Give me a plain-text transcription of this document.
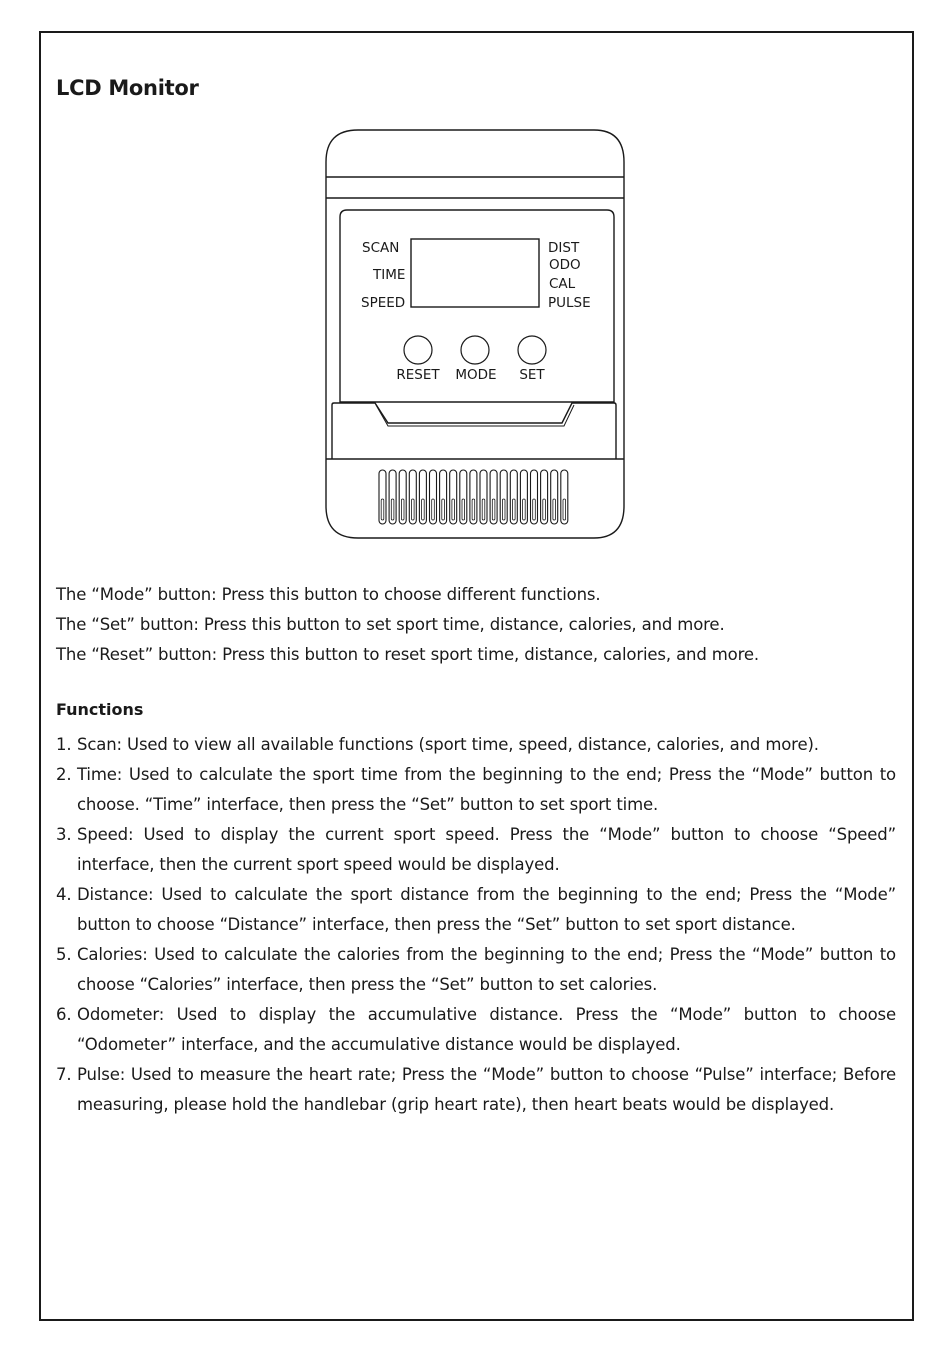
LCD Monitor
SCAN
TIME
SPEED
DIST
ODO
CAL
PULSE
RESET MODE SET

The “Mode” button: Press this button to choose different functions.

The “Set” button: Press this button to set sport time, distance, calories, and more.

The “Reset” button: Press this button to reset sport time, distance, calories, and more.

Functions
1. Scan: Used to view all available functions (sport time, speed, distance, calories, and more).
2. Time: Used to calculate the sport time from the beginning to the end; Press the “Mode” button to choose. “Time” interface, then press the “Set” button to set sport time.
3. Speed: Used to display the current sport speed. Press the “Mode” button to choose “Speed” interface, then the current sport speed would be displayed.
4. Distance: Used to calculate the sport distance from the beginning to the end; Press the “Mode” button to choose “Distance” interface, then press the “Set” button to set sport distance.
5. Calories: Used to calculate the calories from the beginning to the end; Press the “Mode” button to choose “Calories” interface, then press the “Set” button to set calories.
6. Odometer: Used to display the accumulative distance. Press the “Mode” button to choose “Odometer” interface, and the accumulative distance would be displayed.
7. Pulse: Used to measure the heart rate; Press the “Mode” button to choose “Pulse” interface; Before measuring, please hold the handlebar (grip heart rate), then heart beats would be displayed.
